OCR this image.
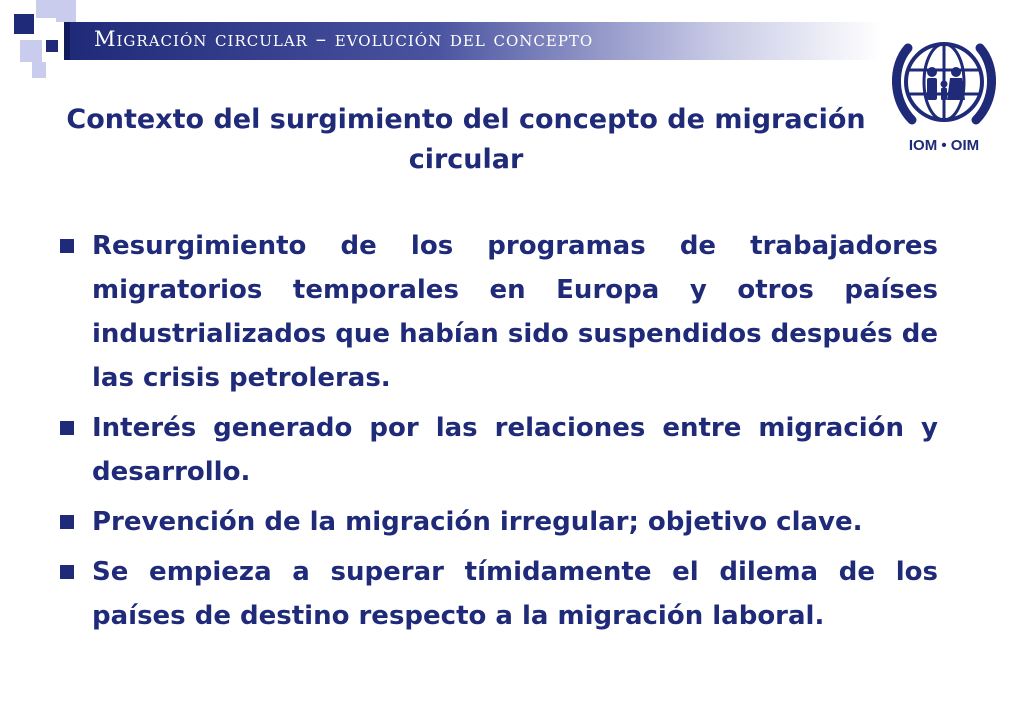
Migración circular – evolución del concepto
IOM • OIM
Contexto del surgimiento del concepto de migración circular
Resurgimiento de los programas de trabajadores migratorios temporales en Europa y otros países industrializados que habían sido suspendidos después de las crisis petroleras.
Interés generado por las relaciones entre migración y desarrollo.
Prevención de la migración irregular; objetivo clave.
Se empieza a superar tímidamente el dilema de los países de destino respecto a la migración laboral.
